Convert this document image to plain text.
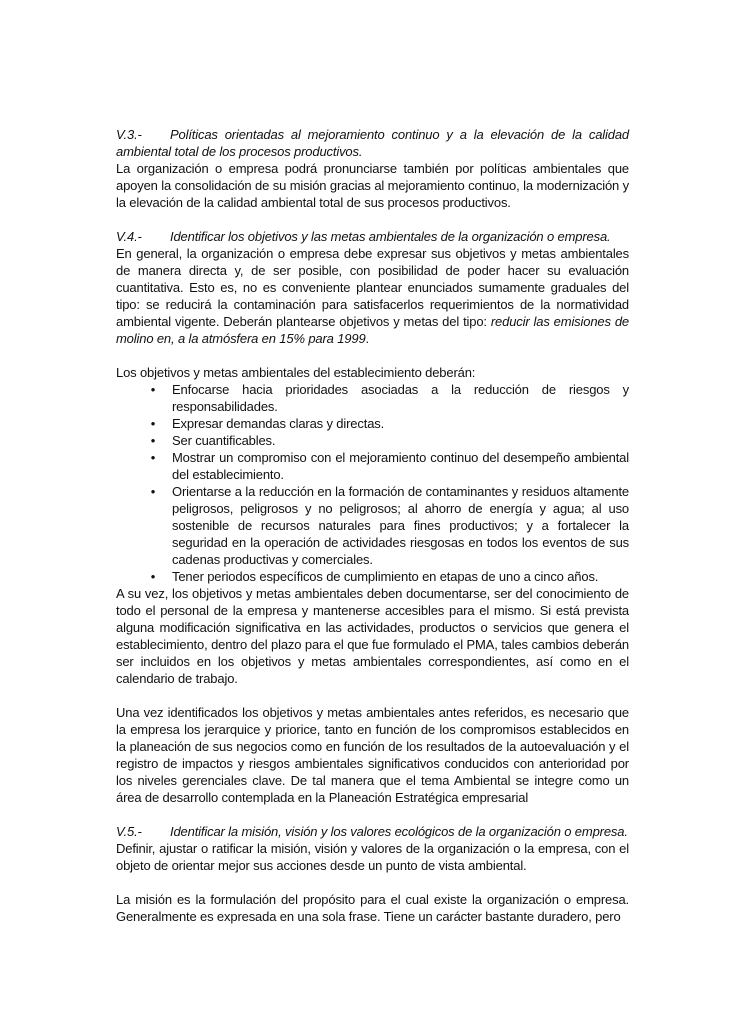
V.3.- Políticas orientadas al mejoramiento continuo y a la elevación de la calidad ambiental total de los procesos productivos.

La organización o empresa podrá pronunciarse también por políticas ambientales que apoyen la consolidación de su misión gracias al mejoramiento continuo, la modernización y la elevación de la calidad ambiental total de sus procesos productivos.

V.4.- Identificar los objetivos y las metas ambientales de la organización o empresa.

En general, la organización o empresa debe expresar sus objetivos y metas ambientales de manera directa y, de ser posible, con posibilidad de poder hacer su evaluación cuantitativa. Esto es, no es conveniente plantear enunciados sumamente graduales del tipo: se reducirá la contaminación para satisfacerlos requerimientos de la normatividad ambiental vigente. Deberán plantearse objetivos y metas del tipo: reducir las emisiones de molino en, a la atmósfera en 15% para 1999.

Los objetivos y metas ambientales del establecimiento deberán:

• Enfocarse hacia prioridades asociadas a la reducción de riesgos y responsabilidades.
• Expresar demandas claras y directas.
• Ser cuantificables.
• Mostrar un compromiso con el mejoramiento continuo del desempeño ambiental del establecimiento.
• Orientarse a la reducción en la formación de contaminantes y residuos altamente peligrosos, peligrosos y no peligrosos; al ahorro de energía y agua; al uso sostenible de recursos naturales para fines productivos; y a fortalecer la seguridad en la operación de actividades riesgosas en todos los eventos de sus cadenas productivas y comerciales.
• Tener periodos específicos de cumplimiento en etapas de uno a cinco años.

A su vez, los objetivos y metas ambientales deben documentarse, ser del conocimiento de todo el personal de la empresa y mantenerse accesibles para el mismo. Si está prevista alguna modificación significativa en las actividades, productos o servicios que genera el establecimiento, dentro del plazo para el que fue formulado el PMA, tales cambios deberán ser incluidos en los objetivos y metas ambientales correspondientes, así como en el calendario de trabajo.

Una vez identificados los objetivos y metas ambientales antes referidos, es necesario que la empresa los jerarquice y priorice, tanto en función de los compromisos establecidos en la planeación de sus negocios como en función de los resultados de la autoevaluación y el registro de impactos y riesgos ambientales significativos conducidos con anterioridad por los niveles gerenciales clave. De tal manera que el tema Ambiental se integre como un área de desarrollo contemplada en la Planeación Estratégica empresarial

V.5.- Identificar la misión, visión y los valores ecológicos de la organización o empresa.

Definir, ajustar o ratificar la misión, visión y valores de la organización o la empresa, con el objeto de orientar mejor sus acciones desde un punto de vista ambiental.

La misión es la formulación del propósito para el cual existe la organización o empresa. Generalmente es expresada en una sola frase. Tiene un carácter bastante duradero, pero
